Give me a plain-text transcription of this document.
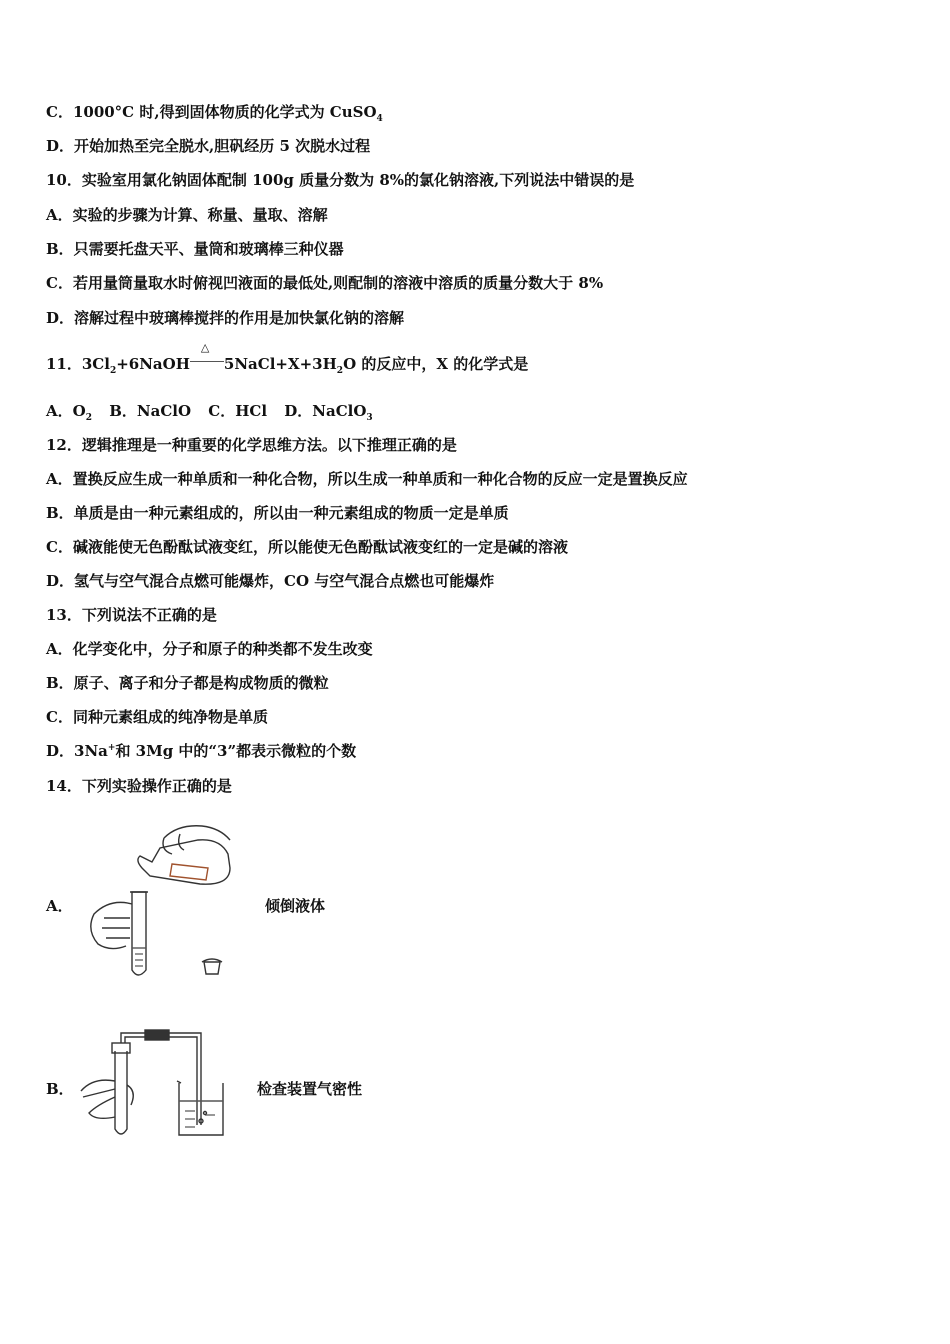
C．1000°C 时,得到固体物质的化学式为 CuSO$_4$
D．开始加热至完全脱水,胆矾经历 5 次脱水过程
10．实验室用氯化钠固体配制 100g 质量分数为 8%的氯化钠溶液,下列说法中错误的是
A．实验的步骤为计算、称量、量取、溶解
B．只需要托盘天平、量筒和玻璃棒三种仪器
C．若用量筒量取水时俯视凹液面的最低处,则配制的溶液中溶质的质量分数大于 8%
D．溶解过程中玻璃棒搅拌的作用是加快氯化钠的溶解
11．$3Cl_2+6NaOH$
△
$5NaCl+X+3H_2O$ 的反应中，X 的化学式是
A．$O_2$ B．NaClO C．HCl D．NaClO$_3$
12．逻辑推理是一种重要的化学思维方法。以下推理正确的是
A．置换反应生成一种单质和一种化合物，所以生成一种单质和一种化合物的反应一定是置换反应
B．单质是由一种元素组成的，所以由一种元素组成的物质一定是单质
C．碱液能使无色酚酞试液变红，所以能使无色酚酞试液变红的一定是碱的溶液
D．氢气与空气混合点燃可能爆炸，CO 与空气混合点燃也可能爆炸
13．下列说法不正确的是
A．化学变化中，分子和原子的种类都不发生改变
B．原子、离子和分子都是构成物质的微粒
C．同种元素组成的纯净物是单质
D．3Na+和 3Mg 中的“3”都表示微粒的个数
14．下列实验操作正确的是
A．	倾倒液体
B．	检查装置气密性
